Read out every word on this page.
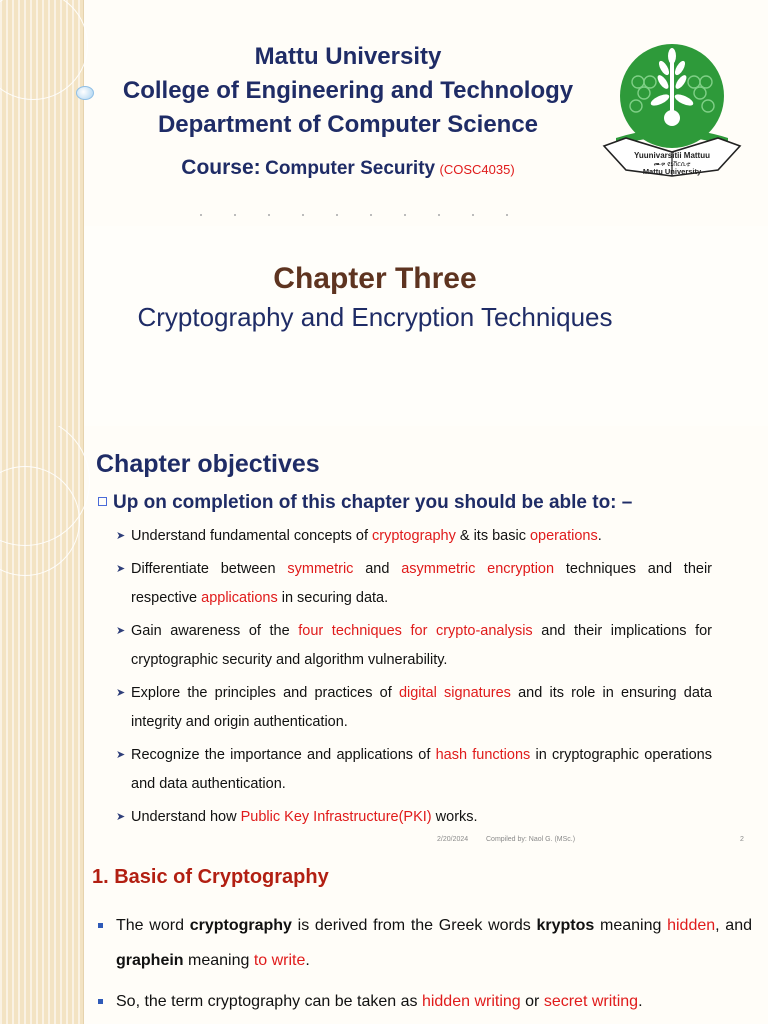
Mattu University
College of Engineering and Technology
Department of Computer Science
Course: Computer Security (COSC4035)
Yuunivarsitii Mattuu
ሙቱ ዩኒቨርሲቲ
Mattu University
Chapter Three
Cryptography and Encryption Techniques
Chapter objectives
Up on completion of this chapter you should be able to: –
➤ Understand fundamental concepts of cryptography & its basic operations.
➤ Differentiate between symmetric and asymmetric encryption techniques and their respective applications in securing data.
➤ Gain awareness of the four techniques for crypto-analysis and their implications for cryptographic security and algorithm vulnerability.
➤ Explore the principles and practices of digital signatures and its role in ensuring data integrity and origin authentication.
➤ Recognize the importance and applications of hash functions in cryptographic operations and data authentication.
➤ Understand how Public Key Infrastructure(PKI) works.
2/20/2024	Compiled by: Naol G. (MSc.)	2
1. Basic of Cryptography
The word cryptography is derived from the Greek words kryptos meaning hidden, and graphein meaning to write.
So, the term cryptography can be taken as hidden writing or secret writing.
